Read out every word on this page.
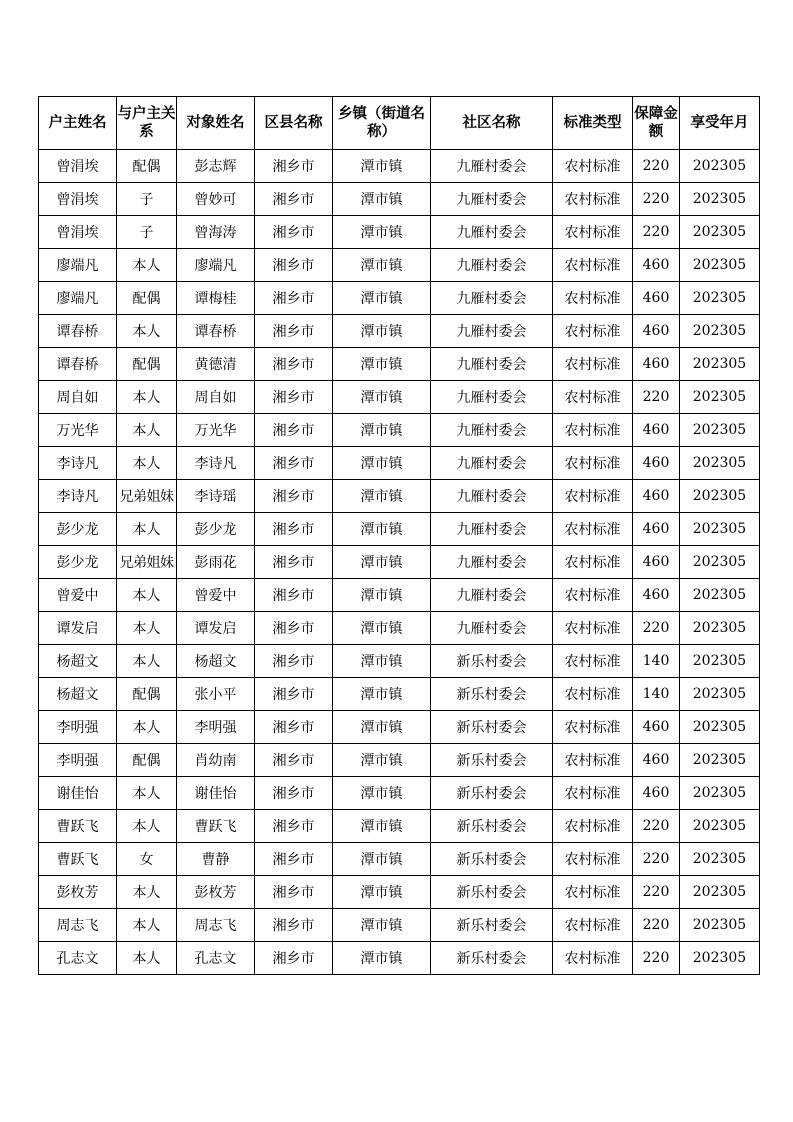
户主姓名	与户主关系	对象姓名	区县名称	乡镇（街道名称）	社区名称	标准类型	保障金额	享受年月
曾涓埃	配偶	彭志辉	湘乡市	潭市镇	九雁村委会	农村标准	220	202305
曾涓埃	子	曾妙可	湘乡市	潭市镇	九雁村委会	农村标准	220	202305
曾涓埃	子	曾海涛	湘乡市	潭市镇	九雁村委会	农村标准	220	202305
廖端凡	本人	廖端凡	湘乡市	潭市镇	九雁村委会	农村标准	460	202305
廖端凡	配偶	谭梅桂	湘乡市	潭市镇	九雁村委会	农村标准	460	202305
谭春桥	本人	谭春桥	湘乡市	潭市镇	九雁村委会	农村标准	460	202305
谭春桥	配偶	黄德清	湘乡市	潭市镇	九雁村委会	农村标准	460	202305
周自如	本人	周自如	湘乡市	潭市镇	九雁村委会	农村标准	220	202305
万光华	本人	万光华	湘乡市	潭市镇	九雁村委会	农村标准	460	202305
李诗凡	本人	李诗凡	湘乡市	潭市镇	九雁村委会	农村标准	460	202305
李诗凡	兄弟姐妹	李诗瑶	湘乡市	潭市镇	九雁村委会	农村标准	460	202305
彭少龙	本人	彭少龙	湘乡市	潭市镇	九雁村委会	农村标准	460	202305
彭少龙	兄弟姐妹	彭雨花	湘乡市	潭市镇	九雁村委会	农村标准	460	202305
曾爱中	本人	曾爱中	湘乡市	潭市镇	九雁村委会	农村标准	460	202305
谭发启	本人	谭发启	湘乡市	潭市镇	九雁村委会	农村标准	220	202305
杨超文	本人	杨超文	湘乡市	潭市镇	新乐村委会	农村标准	140	202305
杨超文	配偶	张小平	湘乡市	潭市镇	新乐村委会	农村标准	140	202305
李明强	本人	李明强	湘乡市	潭市镇	新乐村委会	农村标准	460	202305
李明强	配偶	肖幼南	湘乡市	潭市镇	新乐村委会	农村标准	460	202305
谢佳怡	本人	谢佳怡	湘乡市	潭市镇	新乐村委会	农村标准	460	202305
曹跃飞	本人	曹跃飞	湘乡市	潭市镇	新乐村委会	农村标准	220	202305
曹跃飞	女	曹静	湘乡市	潭市镇	新乐村委会	农村标准	220	202305
彭枚芳	本人	彭枚芳	湘乡市	潭市镇	新乐村委会	农村标准	220	202305
周志飞	本人	周志飞	湘乡市	潭市镇	新乐村委会	农村标准	220	202305
孔志文	本人	孔志文	湘乡市	潭市镇	新乐村委会	农村标准	220	202305
